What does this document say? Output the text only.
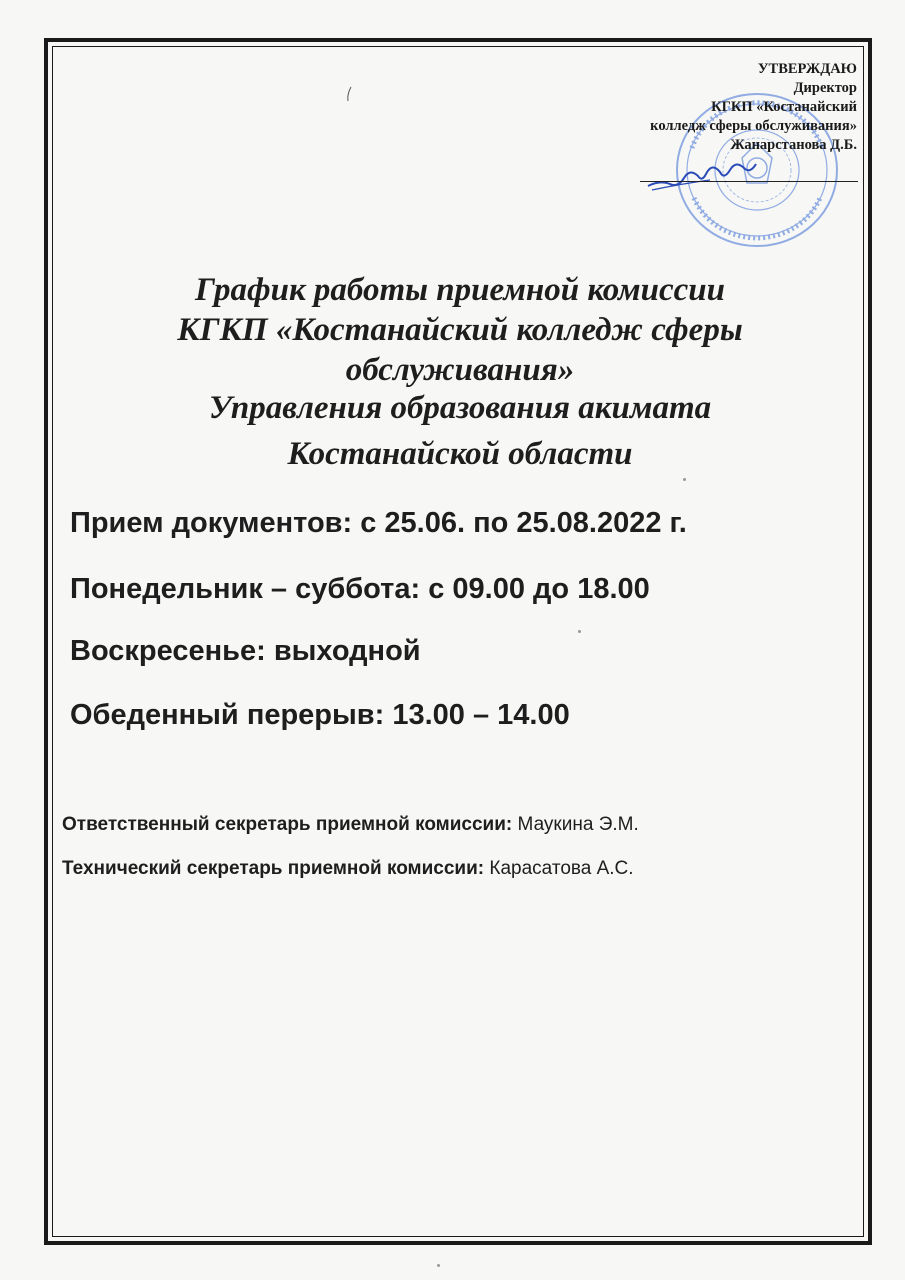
УТВЕРЖДАЮ
Директор
КГКП «Костанайский
колледж сферы обслуживания»
Жанарстанова Д.Б.
График работы приемной комиссии
КГКП «Костанайский колледж сферы
обслуживания»
Управления образования акимата
Костанайской области
Прием документов: с 25.06. по 25.08.2022 г.
Понедельник – суббота: с 09.00 до 18.00
Воскресенье: выходной
Обеденный перерыв: 13.00 – 14.00
Ответственный секретарь приемной комиссии: Маукина Э.М.
Технический секретарь приемной комиссии: Карасатова А.С.
